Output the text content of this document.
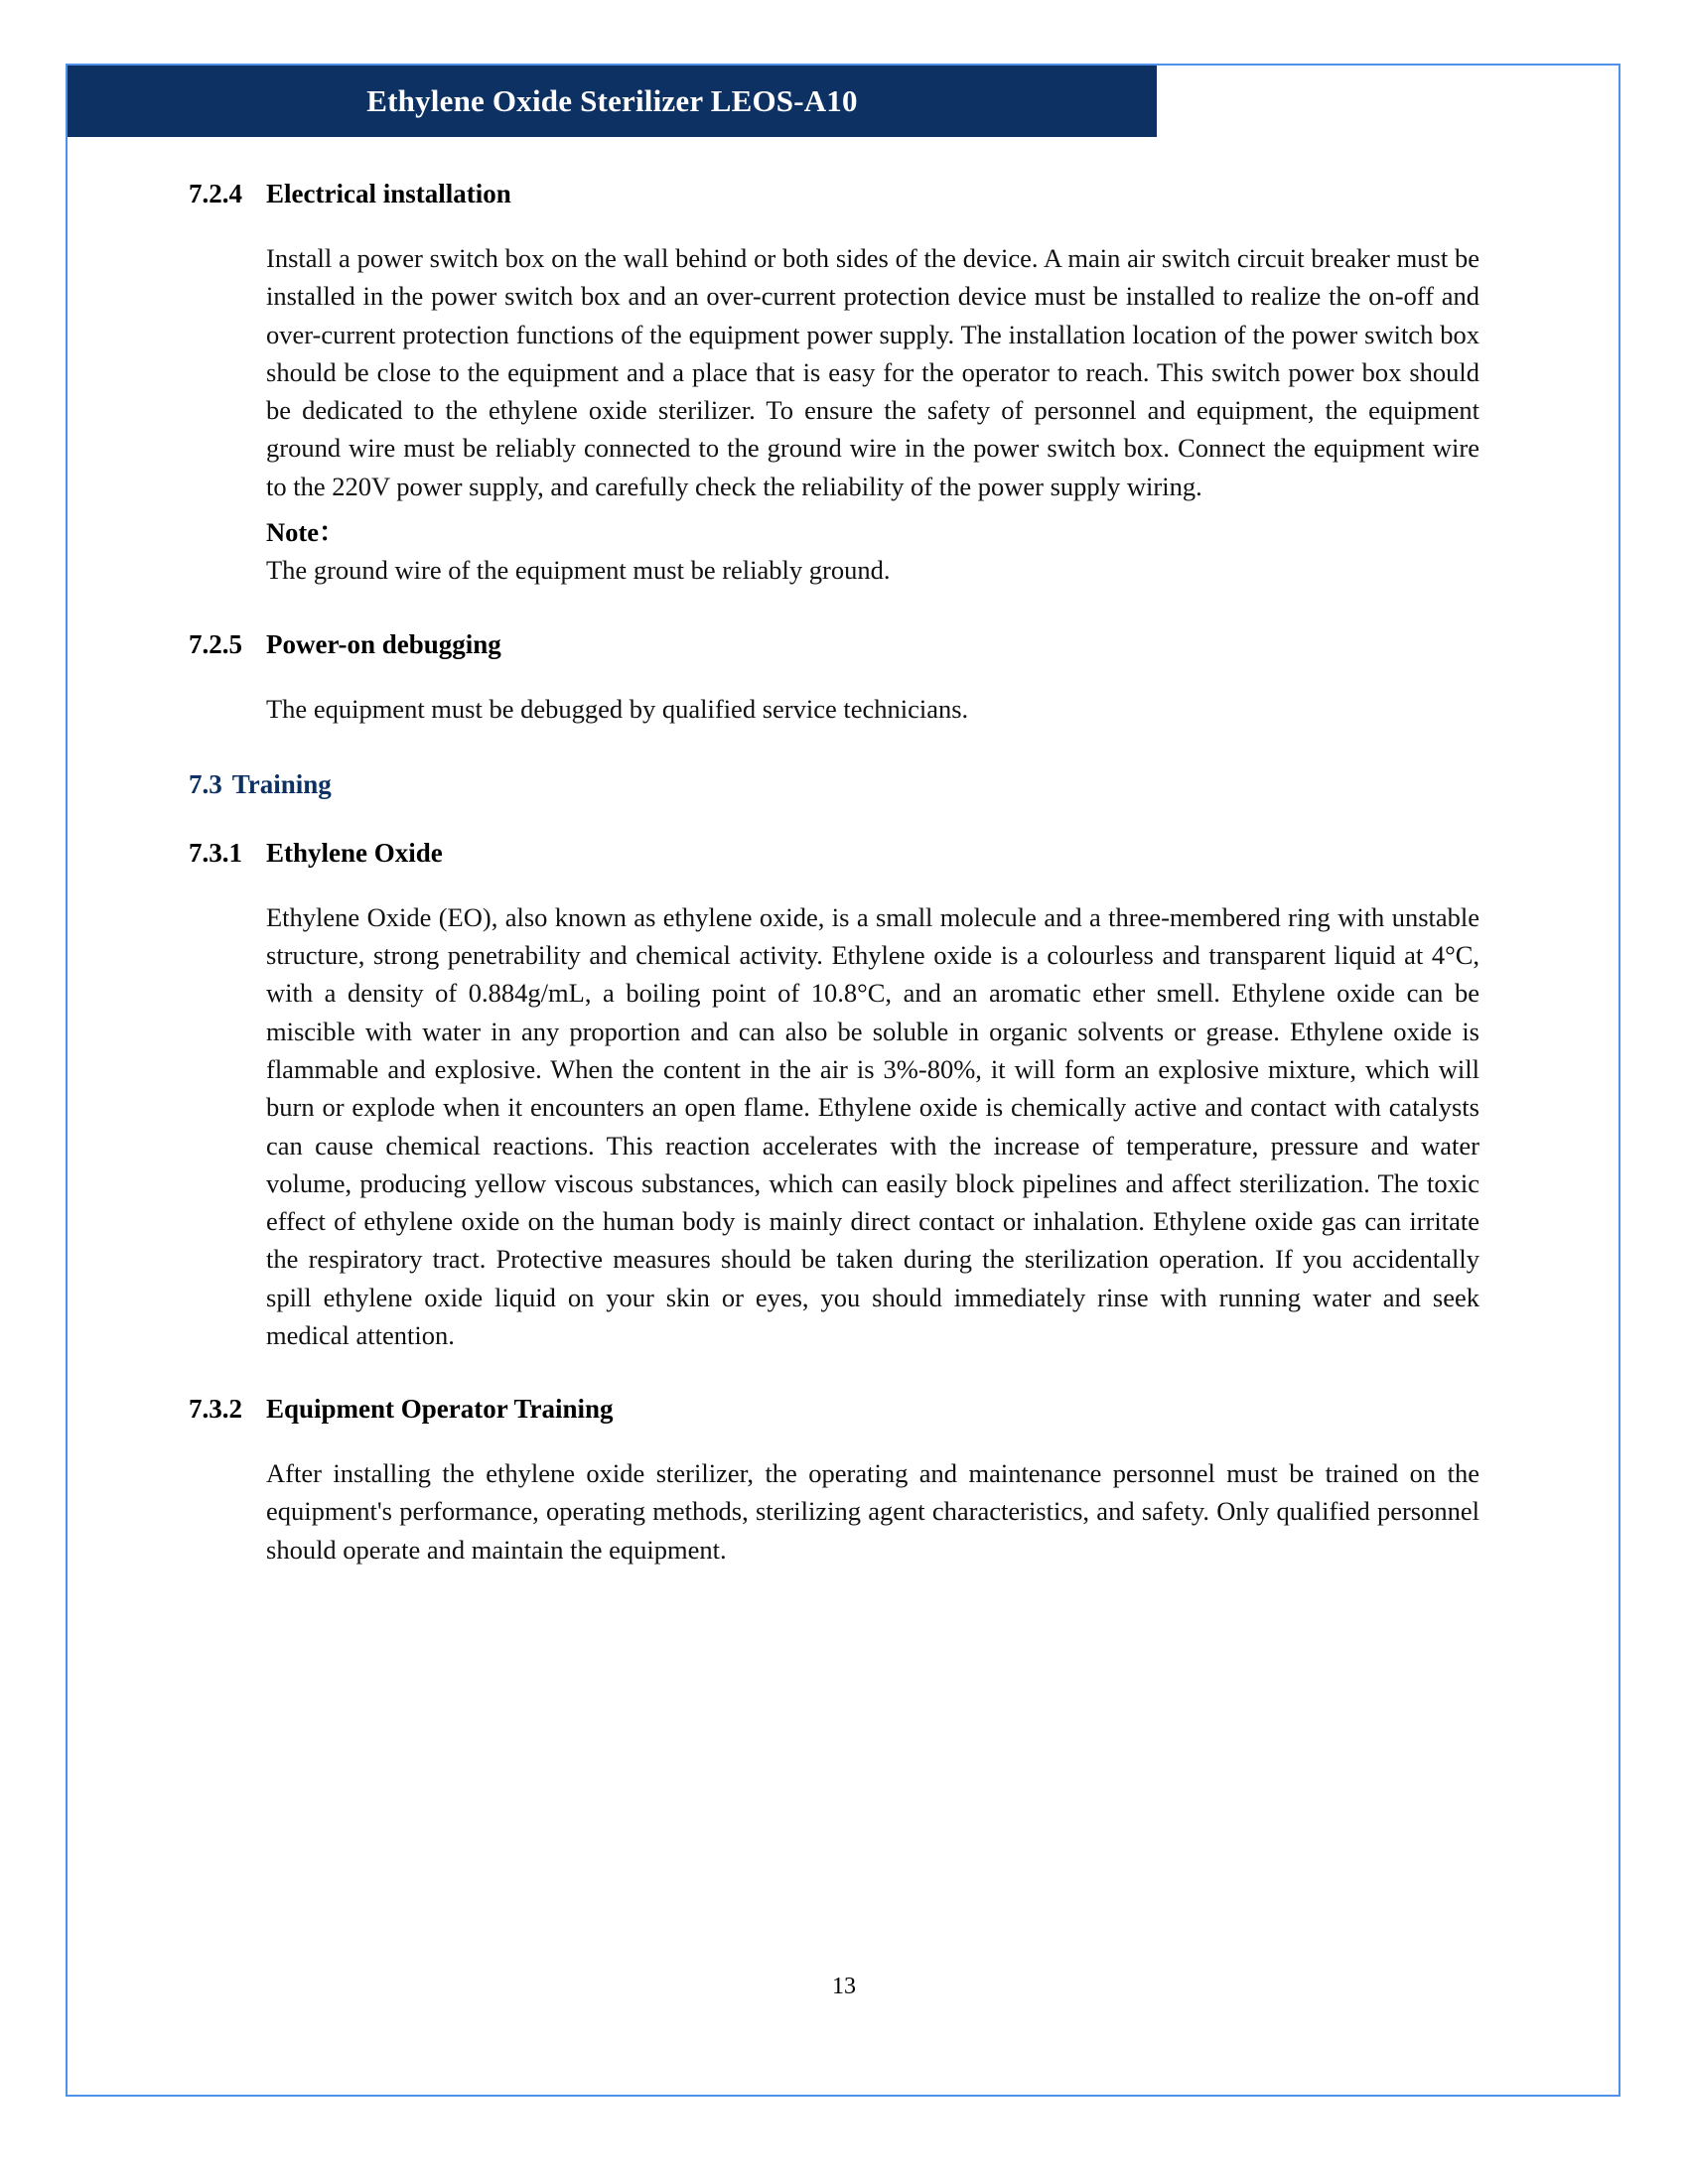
Ethylene Oxide Sterilizer LEOS-A10
7.2.4 Electrical installation

Install a power switch box on the wall behind or both sides of the device. A main air switch circuit breaker must be installed in the power switch box and an over-current protection device must be installed to realize the on-off and over-current protection functions of the equipment power supply. The installation location of the power switch box should be close to the equipment and a place that is easy for the operator to reach. This switch power box should be dedicated to the ethylene oxide sterilizer. To ensure the safety of personnel and equipment, the equipment ground wire must be reliably connected to the ground wire in the power switch box. Connect the equipment wire to the 220V power supply, and carefully check the reliability of the power supply wiring.

Note：

The ground wire of the equipment must be reliably ground.

7.2.5 Power-on debugging

The equipment must be debugged by qualified service technicians.

7.3 Training
7.3.1 Ethylene Oxide

Ethylene Oxide (EO), also known as ethylene oxide, is a small molecule and a three-membered ring with unstable structure, strong penetrability and chemical activity. Ethylene oxide is a colourless and transparent liquid at 4°C, with a density of 0.884g/mL, a boiling point of 10.8°C, and an aromatic ether smell. Ethylene oxide can be miscible with water in any proportion and can also be soluble in organic solvents or grease. Ethylene oxide is flammable and explosive. When the content in the air is 3%-80%, it will form an explosive mixture, which will burn or explode when it encounters an open flame. Ethylene oxide is chemically active and contact with catalysts can cause chemical reactions. This reaction accelerates with the increase of temperature, pressure and water volume, producing yellow viscous substances, which can easily block pipelines and affect sterilization. The toxic effect of ethylene oxide on the human body is mainly direct contact or inhalation. Ethylene oxide gas can irritate the respiratory tract. Protective measures should be taken during the sterilization operation. If you accidentally spill ethylene oxide liquid on your skin or eyes, you should immediately rinse with running water and seek medical attention.

7.3.2 Equipment Operator Training

After installing the ethylene oxide sterilizer, the operating and maintenance personnel must be trained on the equipment's performance, operating methods, sterilizing agent characteristics, and safety. Only qualified personnel should operate and maintain the equipment.

13
